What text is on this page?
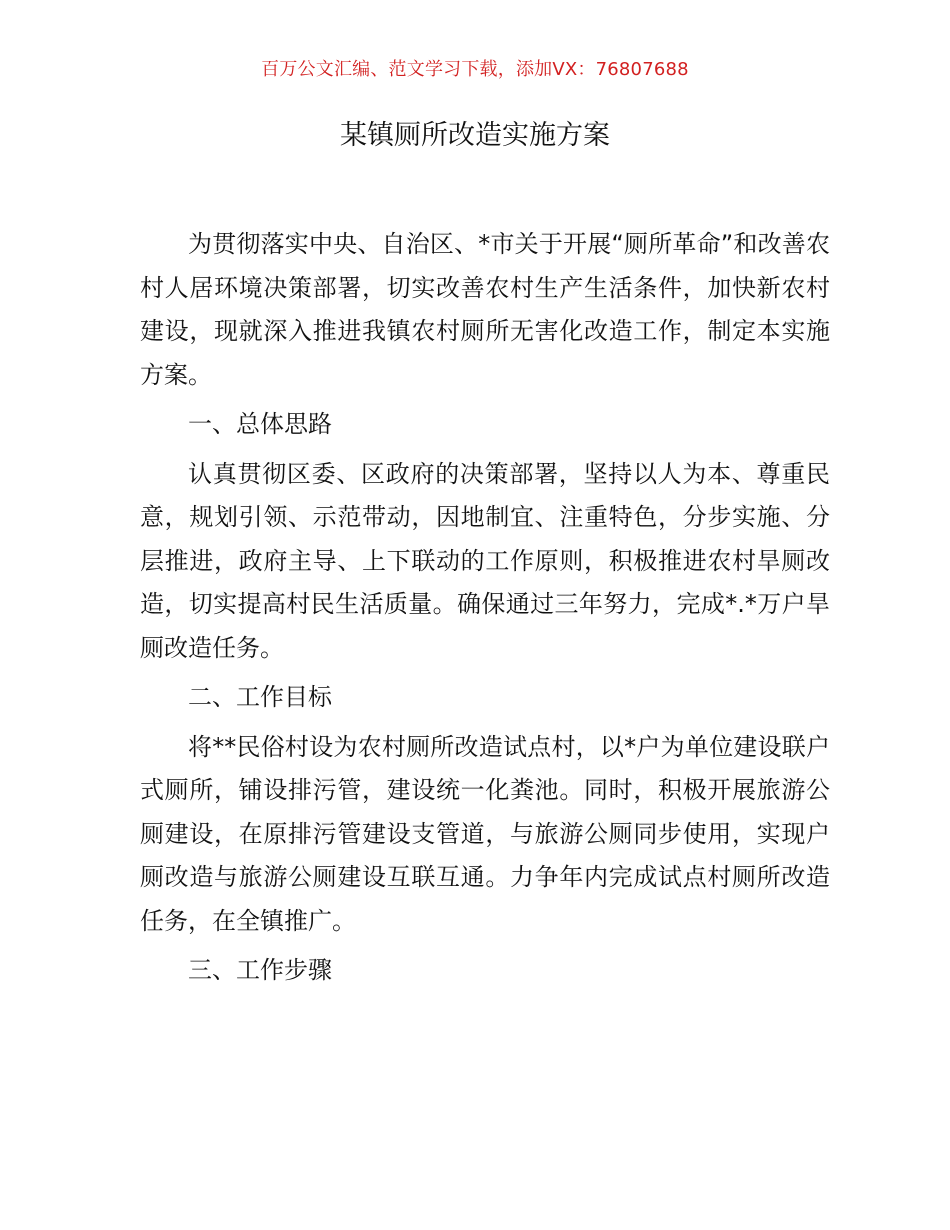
百万公文汇编、范文学习下载，添加VX：76807688
某镇厕所改造实施方案

为贯彻落实中央、自治区、*市关于开展“厕所革命”和改善农村人居环境决策部署，切实改善农村生产生活条件，加快新农村建设，现就深入推进我镇农村厕所无害化改造工作，制定本实施方案。

一、总体思路

认真贯彻区委、区政府的决策部署，坚持以人为本、尊重民意，规划引领、示范带动，因地制宜、注重特色，分步实施、分层推进，政府主导、上下联动的工作原则，积极推进农村旱厕改造，切实提高村民生活质量。确保通过三年努力，完成*.*万户旱厕改造任务。

二、工作目标

将**民俗村设为农村厕所改造试点村，以*户为单位建设联户式厕所，铺设排污管，建设统一化粪池。同时，积极开展旅游公厕建设，在原排污管建设支管道，与旅游公厕同步使用，实现户厕改造与旅游公厕建设互联互通。力争年内完成试点村厕所改造任务，在全镇推广。

三、工作步骤
